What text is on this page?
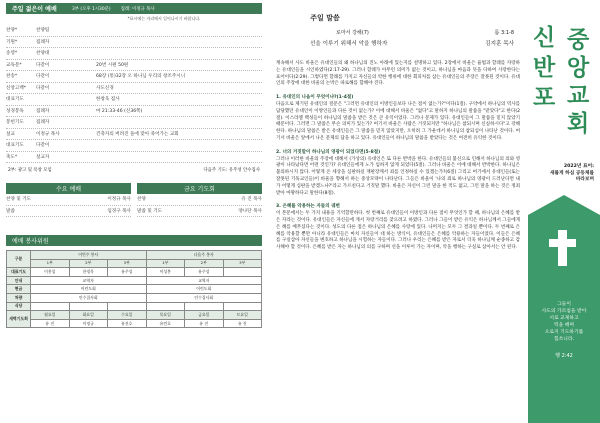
주일 젊은이 예배	3부 (오후 1시30분) 집례: 이정규 목사
*표시에는 자리에서 일어나시기 바랍니다.
찬양*	찬양팀
기원*	집례자
송영*	찬양대
교독문*	다같이	20번 시편 50편
찬송*	다같이	68장 (통)32장 오 하나님 우리의 창조주시니
신앙고백*	다같이	사도신경
대표기도	한창욱 집사
성경봉독	집례자	마 21:33-46 (신36쪽)
봉헌기도	집례자
설교	이정규 목사	건축자의 버려진 돌에 맞아 죽어가는 교회
대표기도	다같이
축도*	설교자
2부: 광고 및 폭창 모임	다음주 기도: 유주성 안수집사
수요 예배	금요 기도회
찬양 및 기도	이정규 목사
말씀	임경구 목사
찬양	유 진 목사
말씀 및 기도	양나단 목사
예배 봉사위원
구분	이번주 봉사			다음주 봉사		
	1부	2부	3부	1부	2부	3부
대표기도	이홍섭	한정욱	유주성	이성봉	유주성	
안내	교역자			교역자		
현금	어린도회			어린도회		
차량	안수집사회			안수집사회		
식당						
새벽기도회	월요일	화요일	수요일	목요일	금요일	토요일
	유 진	이정규	유진호	유민호	유 진	유 진
주일 말씀
로마서 강해(7)	롬 3:1-8
선을 이루기 위해서 악을 행하자	김지훈 목사

계속해서 사도 바울은 유대인들의 왜 하나님의 진노 아래에 있는지를 설명하고 있다. 2장에서 바울은 율법과 할례를 자랑하는 유대인들을 시인하였다(2:17-29). 그러나 할례가 아무런 의미가 없는 것이고, 하나님을 마음과 뜻을 다하여 사랑한다는 표어이다(2:29). 그렇다면 할례를 가지고 자신들의 약한 행위에 대한 회피처를 삼는 유대인들의 주장은 잘못된 것이다. 유대인의 주장에 대한 바울의 논박은 따로해를 합해야 진다.

1. 유대인의 나음이 무엇이냐?(1-4절)

다음으로 제기된 유대인의 질문은 "그러면 유대인의 이방인들보다 나은 점이 없는가?"이다(1절). 구약에서 하나님의 역사를 담당했던 유대인이 이방인들과 다른 것이 없는가? 이에 대해서 바울은 "없다"고 말하지 하나님의 말씀을 "맡았다"고 한다(2절). 이스라엘 백성들이 하나님의 말씀을 받은 것은 큰 유익이었다. 그러나 문제가 있다. 유대인들이 그 말씀을 믿지 않았기 때문이다. 그러면 그 말씀은 무슨 의미가 있는가? 여기서 바울은 사람은 거짓되지만 "하나님은 참되시며 신실하시다"고 강해 한다. 하나님의 말씀은 받은 유대인들은 그 말씀을 믿지 않았지만, 오히려 그 가운데서 하나님의 참되심이 나타난 것이다. 여기서 바울은 앞에서 나온 문제의 답을 하고 있다. 유대인들이 하나님의 말씀을 받았다는 것은 여전히 유익한 것이다.

2. 너의 거짓말이 하나님의 영광이 되었다면(5-8절)

그러나 이러한 바울의 주장에 대해서 (가상의) 유대인은 또 다른 반박을 한다. 유대인들의 불신으로 인해서 하나님의 의와 영광이 나타났다면 어떤 것인가? 유대인들에게 노가 임하지 않게 되었다(5절). 그러나 바울은 이에 대해서 반박한다. 하나님은 불의하시지 않다. 어떻게 온 세상을 심판하실 재판장께서 죄를 인정하실 수 있겠는가?(6절) 그리고 여기에서 유대인들(또는 잘못된 기독교인들)이 바울을 향해서 하는 중상모략이 나타난다. 그들은 바울이 '나의 죄로 하나님의 영광이 드러난다면 내가 어떻게 심판을 받겠느냐?'라고 가르친다고 거짓말 했다. 바울은 자신이 그런 말을 한 적도 없고, 그런 말을 하는 것은 정죄 받아 마땅하다고 말한다(8절).

3. 은혜를 악용하는 자들의 궤변

이 본문에서는 두 가지 내용을 기억할만하다. 첫 번째로 유대인들이 이방인과 다른 점이 무엇인가 할 때, 하나님의 은혜를 받은 자라는 것이다. 유대인들은 자신들에 게서 자랑거리를 찾으려고 하였다. 그러나 그들이 받은 유익은 하나님께서 그들에게 은 혜를 베푸셨다는 것이다. 성도의 다른 점은 하나님의 은혜를 사랑에 있다. 나머지는 모두 그 결과일 뿐이다. 두 번째로 은혜를 악용할 뿐만 아니라 유대인들은 마치 자신들이 대 하는 방식이, 유대인들은 은혜를 악용하는 자들이었다. 이들은 은혜를 구실삼아 자신들을 변호하고 하나님을 시험하는 자들이다. 그러나 우리는 은혜를 받은 자로서 더욱 하나님께 순종하고 감사해야 할 것이다. 은혜를 받은 자는 하나님의 의를 구하며 선을 이루어 가는 자이며, 악을 행하는 구실로 삼아서는 안 된다.

신 중
반 앙
포 교
회
2022년 표어:
새롭게 하심 공동체를
바라보며
그들이
사도의 가르침을 받아
서로 교제하고
떡을 떼며
오로지 기도하기를
힘쓰니라.
행 2:42
